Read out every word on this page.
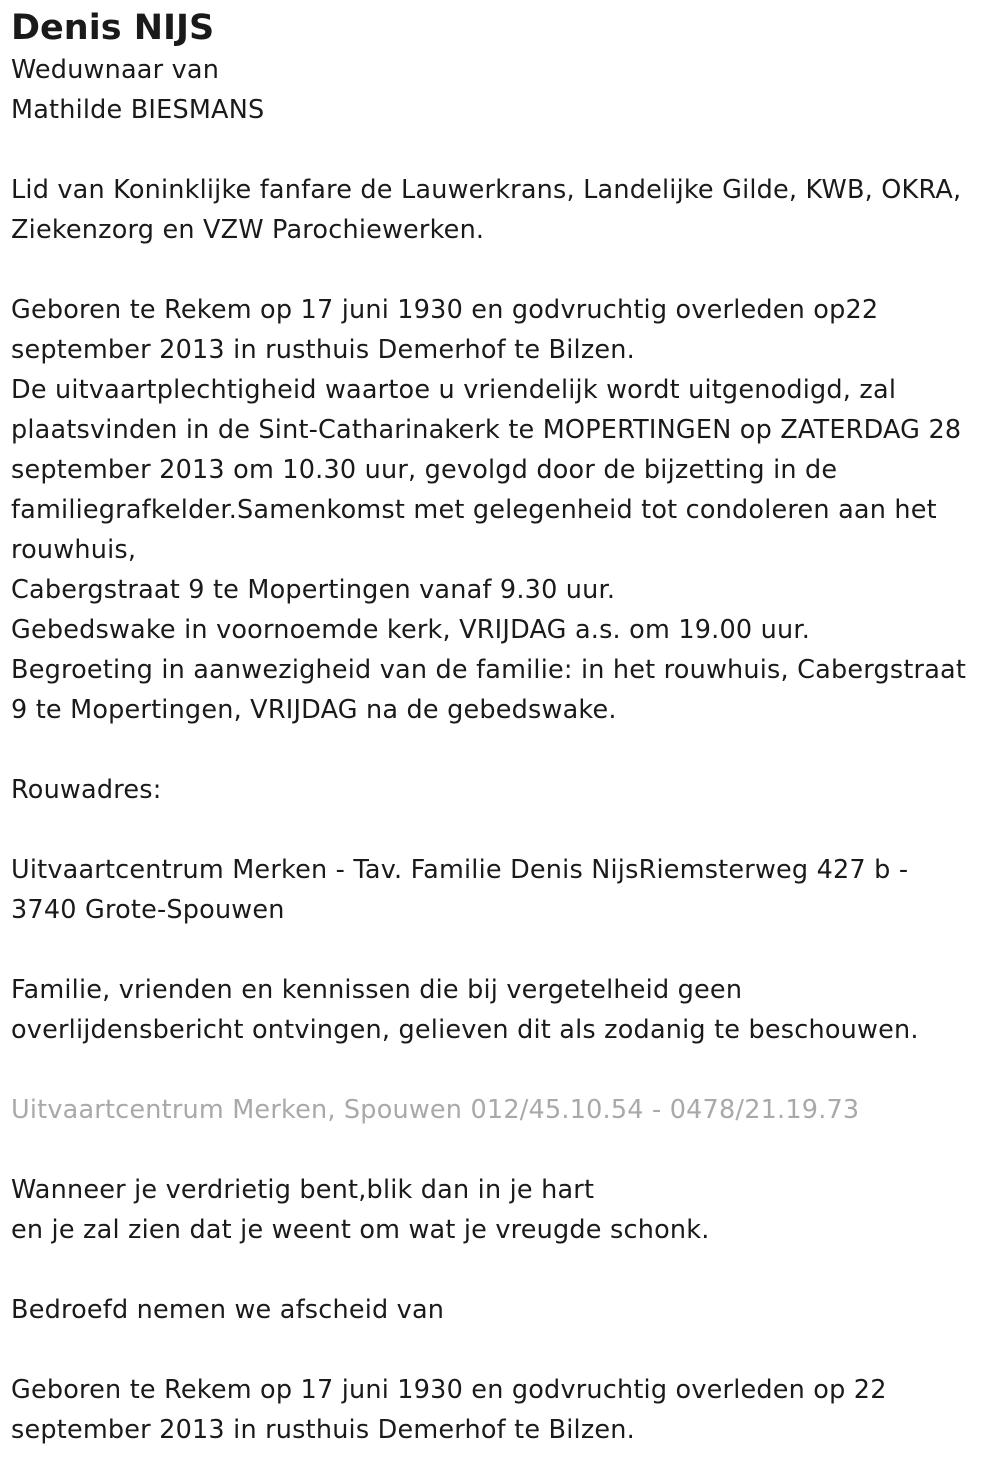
Denis NIJS
Weduwnaar van
Mathilde BIESMANS
Lid van Koninklijke fanfare de Lauwerkrans, Landelijke Gilde, KWB, OKRA,
Ziekenzorg en VZW Parochiewerken.
Geboren te Rekem op 17 juni 1930 en godvruchtig overleden op22
september 2013 in rusthuis Demerhof te Bilzen.
De uitvaartplechtigheid waartoe u vriendelijk wordt uitgenodigd, zal
plaatsvinden in de Sint-Catharinakerk te MOPERTINGEN op ZATERDAG 28
september 2013 om 10.30 uur, gevolgd door de bijzetting in de
familiegrafkelder.Samenkomst met gelegenheid tot condoleren aan het
rouwhuis,
Cabergstraat 9 te Mopertingen vanaf 9.30 uur.
Gebedswake in voornoemde kerk, VRIJDAG a.s. om 19.00 uur.
Begroeting in aanwezigheid van de familie: in het rouwhuis, Cabergstraat
9 te Mopertingen, VRIJDAG na de gebedswake.
Rouwadres:
Uitvaartcentrum Merken - Tav. Familie Denis NijsRiemsterweg 427 b -
3740 Grote-Spouwen
Familie, vrienden en kennissen die bij vergetelheid geen
overlijdensbericht ontvingen, gelieven dit als zodanig te beschouwen.
Uitvaartcentrum Merken, Spouwen 012/45.10.54 - 0478/21.19.73
Wanneer je verdrietig bent,blik dan in je hart
en je zal zien dat je weent om wat je vreugde schonk.
Bedroefd nemen we afscheid van
Geboren te Rekem op 17 juni 1930 en godvruchtig overleden op 22
september 2013 in rusthuis Demerhof te Bilzen.
